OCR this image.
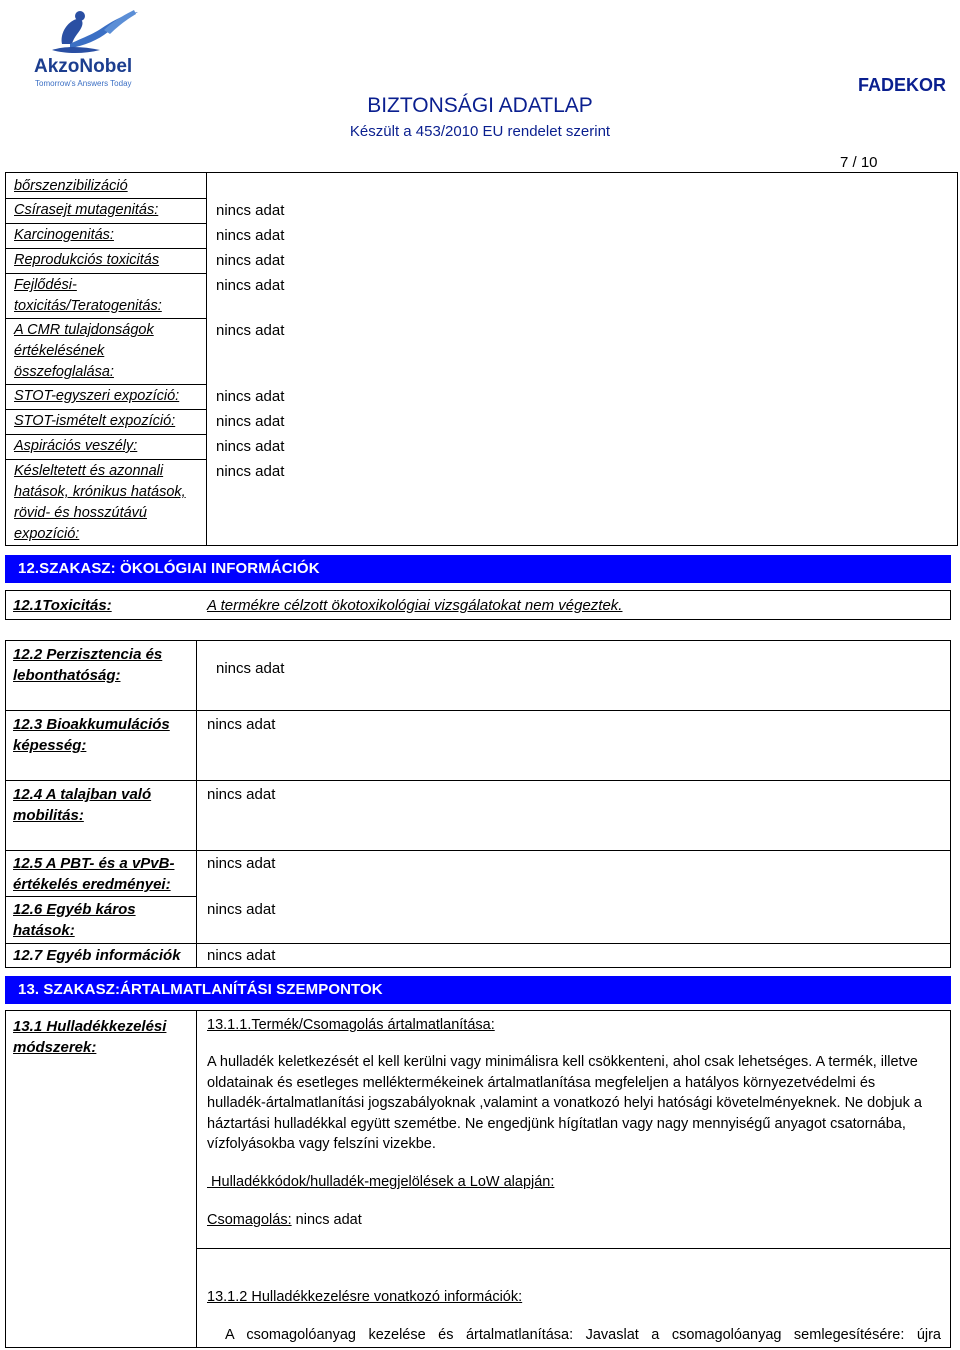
AkzoNobel
Tomorrow's Answers Today
BIZTONSÁGI ADATLAP
Készült a 453/2010 EU rendelet szerint
FADEKOR
7 / 10
bőrszenzibilizáció
Csírasejt mutagenitás:	nincs adat
Karcinogenitás:	nincs adat
Reprodukciós toxicitás	nincs adat
Fejlődési-toxicitás/Teratogenitás:
nincs adat
A CMR tulajdonságok értékelésének összefoglalása:
nincs adat
STOT-egyszeri expozíció:	nincs adat
STOT-ismételt expozíció:	nincs adat
Aspirációs veszély:	nincs adat
Késleltetett és azonnali hatások, krónikus hatások, rövid- és hosszútávú expozíció:
nincs adat
12.SZAKASZ: ÖKOLÓGIAI INFORMÁCIÓK
12.1Toxicitás:	A termékre célzott ökotoxikológiai vizsgálatokat nem végeztek.
12.2 Perzisztencia és lebonthatóság:	nincs adat
12.3 Bioakkumulációs képesség:
nincs adat
12.4 A talajban való mobilitás:
nincs adat
12.5 A PBT- és a vPvB-értékelés eredményei:
nincs adat
12.6 Egyéb káros hatások:
nincs adat
12.7 Egyéb információk	nincs adat
13. SZAKASZ:ÁRTALMATLANÍTÁSI SZEMPONTOK
13.1 Hulladékkezelési módszerek:
13.1.1.Termék/Csomagolás ártalmatlanítása:
A hulladék keletkezését el kell kerülni vagy minimálisra kell csökkenteni, ahol csak lehetséges. A termék, illetve oldatainak és esetleges melléktermékeinek ártalmatlanítása megfeleljen a hatályos környezetvédelmi és hulladék-ártalmatlanítási jogszabályoknak ,valamint a vonatkozó helyi hatósági követelményeknek. Ne dobjuk a háztartási hulladékkal együtt szemétbe. Ne engedjünk hígítatlan vagy nagy mennyiségű anyagot csatornába, vízfolyásokba vagy felszíni vizekbe.
Hulladékkódok/hulladék-megjelölések a LoW alapján:
Csomagolás: nincs adat
13.1.2 Hulladékkezelésre vonatkozó információk:
A csomagolóanyag kezelése és ártalmatlanítása: Javaslat a csomagolóanyag semlegesítésére: újra
